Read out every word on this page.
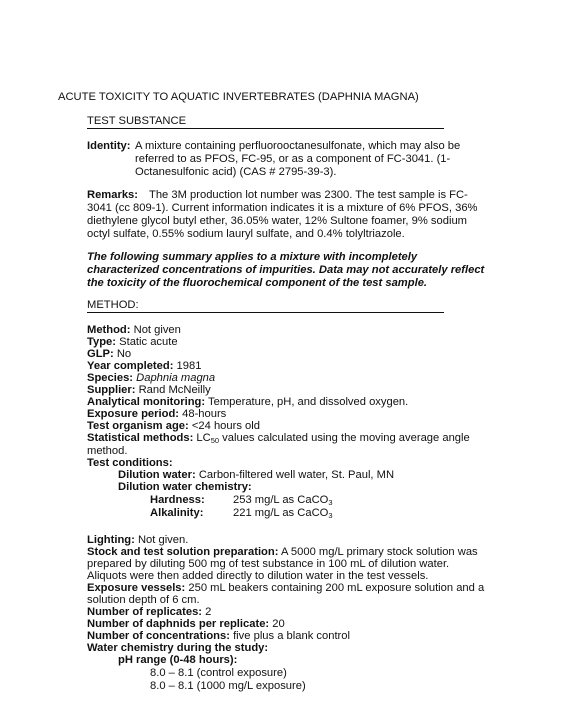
ACUTE TOXICITY TO AQUATIC INVERTEBRATES (DAPHNIA MAGNA)
TEST SUBSTANCE
Identity: A mixture containing perfluorooctanesulfonate, which may also be
referred to as PFOS, FC-95, or as a component of FC-3041. (1-
Octanesulfonic acid) (CAS # 2795-39-3).
Remarks: The 3M production lot number was 2300. The test sample is FC-
3041 (cc 809-1). Current information indicates it is a mixture of 6% PFOS, 36%
diethylene glycol butyl ether, 36.05% water, 12% Sultone foamer, 9% sodium
octyl sulfate, 0.55% sodium lauryl sulfate, and 0.4% tolyltriazole.
The following summary applies to a mixture with incompletely
characterized concentrations of impurities. Data may not accurately reflect
the toxicity of the fluorochemical component of the test sample.
METHOD:
Method: Not given
Type: Static acute
GLP: No
Year completed: 1981
Species: Daphnia magna
Supplier: Rand McNeilly
Analytical monitoring: Temperature, pH, and dissolved oxygen.
Exposure period: 48-hours
Test organism age: <24 hours old
Statistical methods: $LC_{50}$ values calculated using the moving average angle
method.
Test conditions:
Dilution water: Carbon-filtered well water, St. Paul, MN
Dilution water chemistry:
Hardness:	253 mg/L as CaCO$_3$
Alkalinity:	221 mg/L as CaCO$_3$
Lighting: Not given.
Stock and test solution preparation: A 5000 mg/L primary stock solution was
prepared by diluting 500 mg of test substance in 100 mL of dilution water.
Aliquots were then added directly to dilution water in the test vessels.
Exposure vessels: 250 mL beakers containing 200 mL exposure solution and a
solution depth of 6 cm.
Number of replicates: 2
Number of daphnids per replicate: 20
Number of concentrations: five plus a blank control
Water chemistry during the study:
pH range (0-48 hours):
8.0 – 8.1 (control exposure)
8.0 – 8.1 (1000 mg/L exposure)
